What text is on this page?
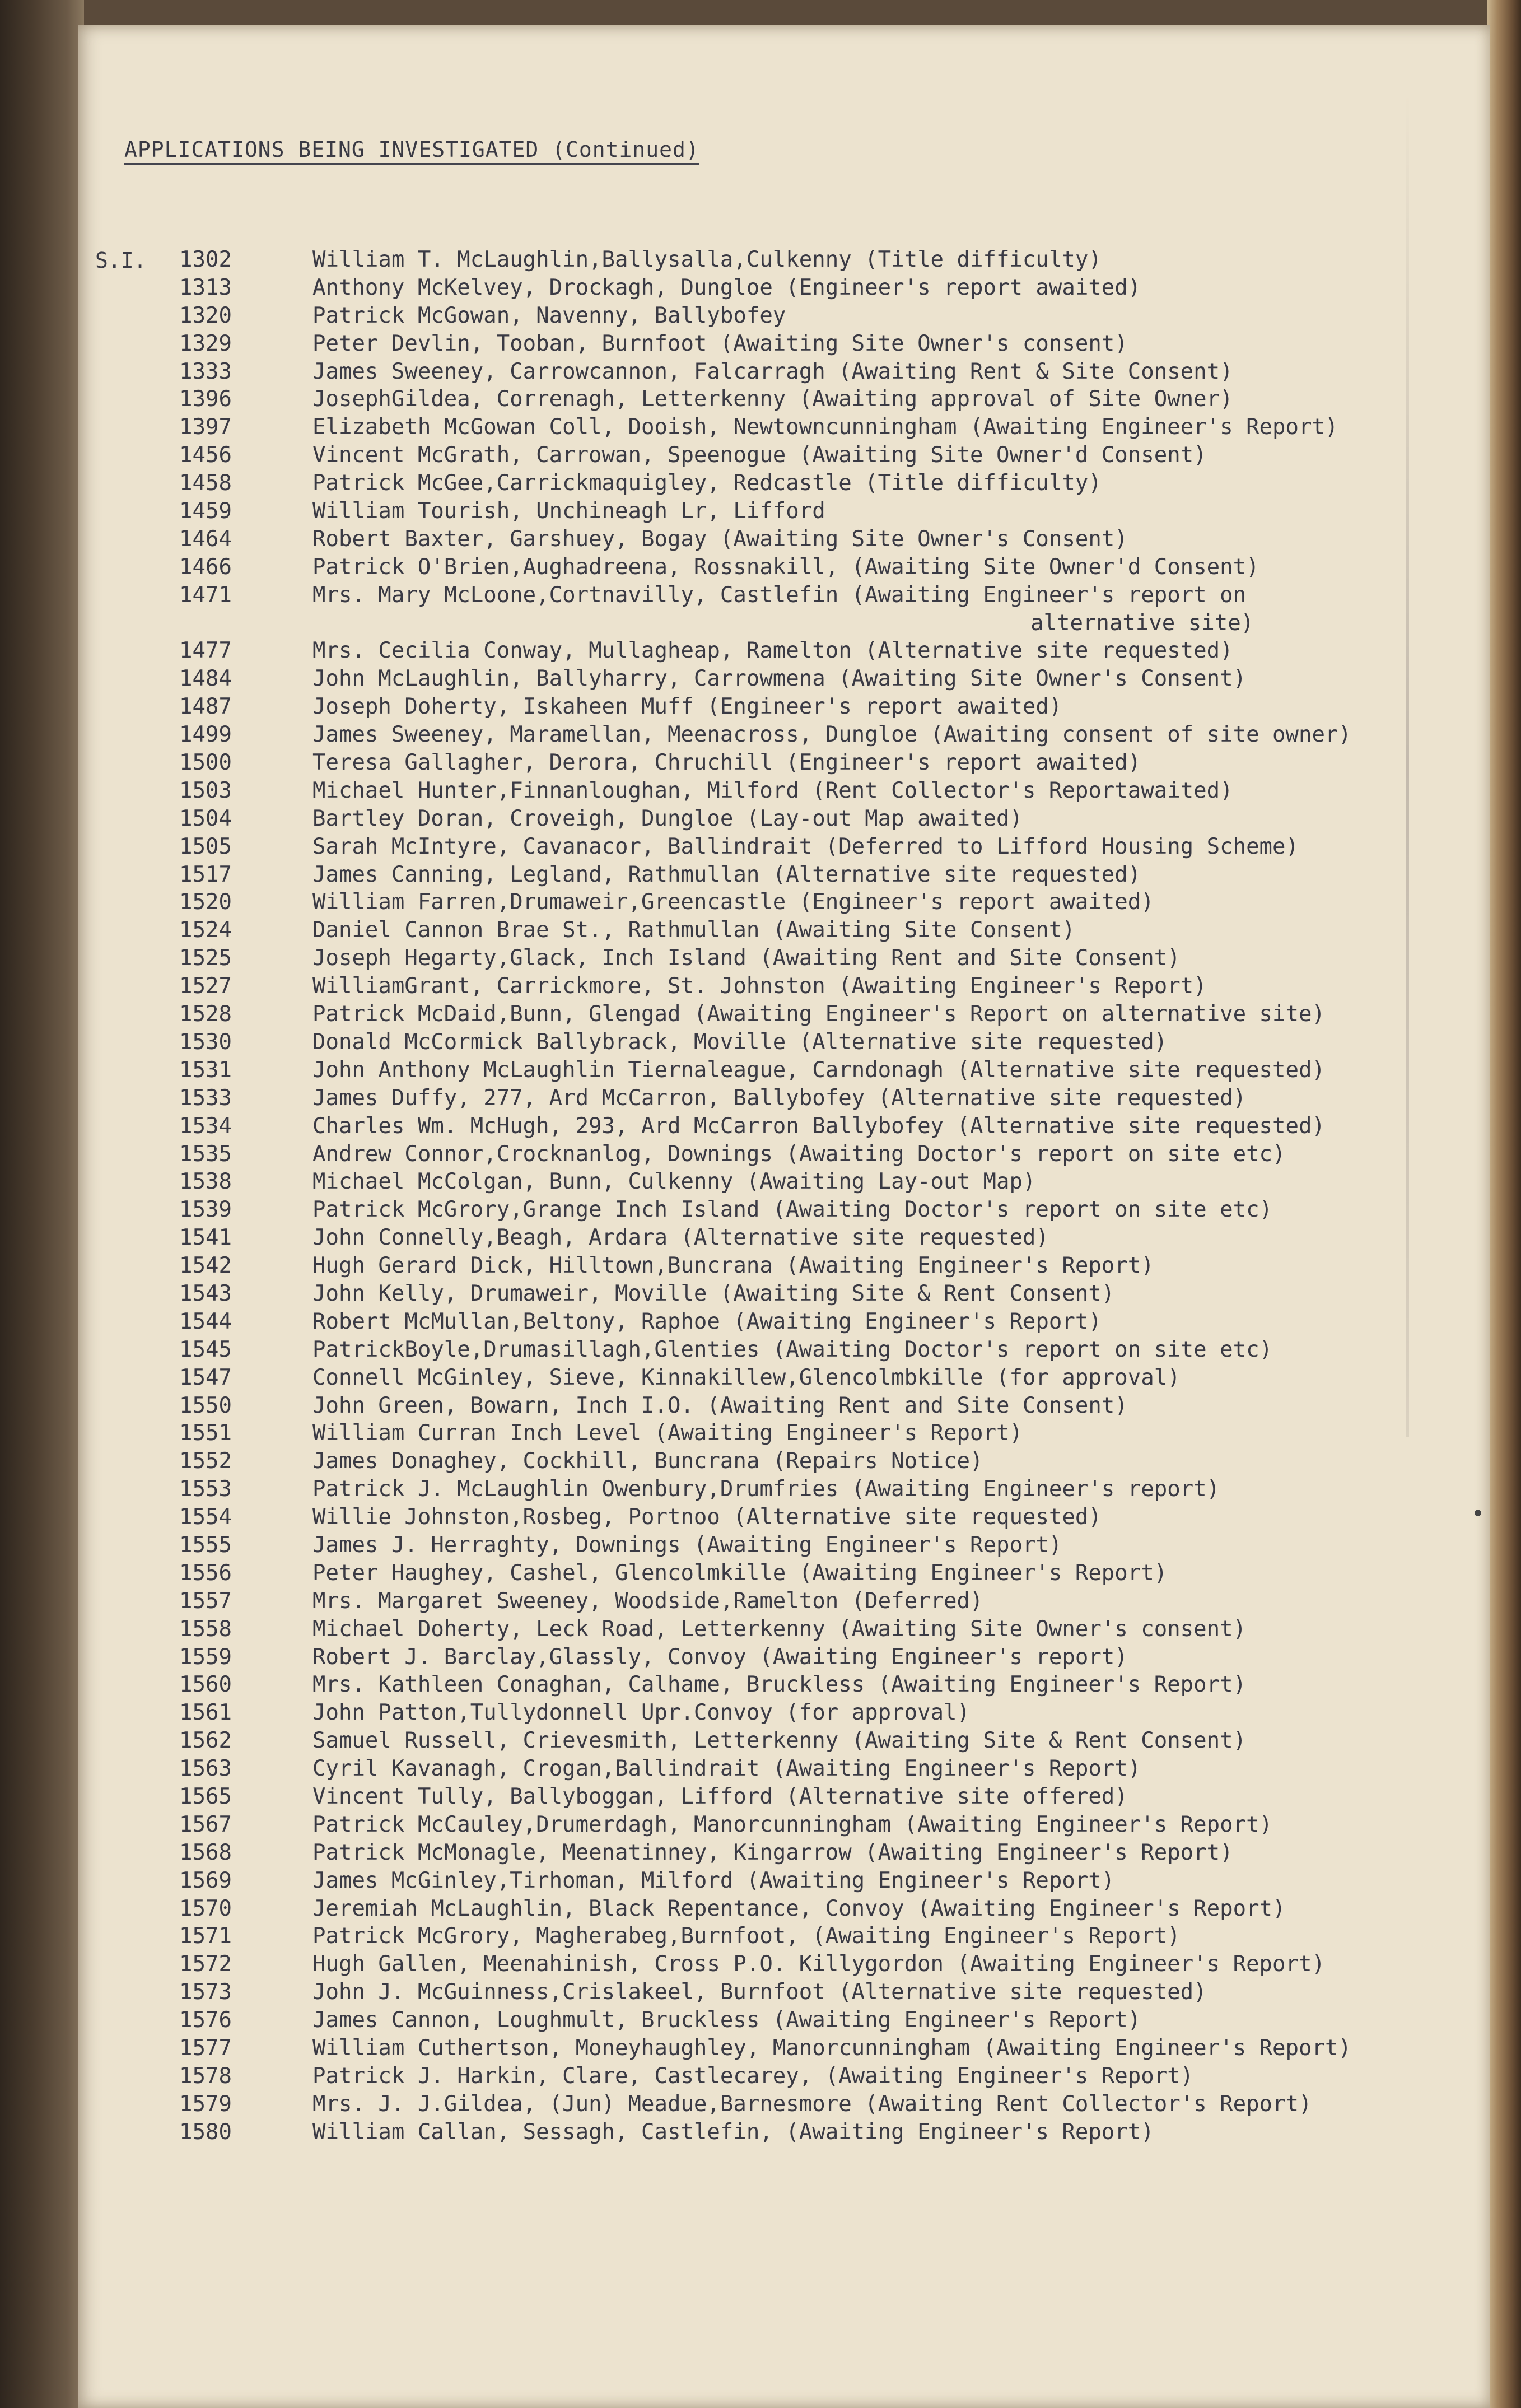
APPLICATIONS BEING INVESTIGATED (Continued)
S.I. 1302	William T. McLaughlin,Ballysalla,Culkenny (Title difficulty)
1313	Anthony McKelvey, Drockagh, Dungloe (Engineer's report awaited)
1320	Patrick McGowan, Navenny, Ballybofey
1329	Peter Devlin, Tooban, Burnfoot (Awaiting Site Owner's consent)
1333	James Sweeney, Carrowcannon, Falcarragh (Awaiting Rent & Site Consent)
1396	JosephGildea, Correnagh, Letterkenny (Awaiting approval of Site Owner)
1397	Elizabeth McGowan Coll, Dooish, Newtowncunningham (Awaiting Engineer's Report)
1456	Vincent McGrath, Carrowan, Speenogue (Awaiting Site Owner'd Consent)
1458	Patrick McGee,Carrickmaquigley, Redcastle (Title difficulty)
1459	William Tourish, Unchineagh Lr, Lifford
1464	Robert Baxter, Garshuey, Bogay (Awaiting Site Owner's Consent)
1466	Patrick O'Brien,Aughadreena, Rossnakill, (Awaiting Site Owner'd Consent)
1471	Mrs. Mary McLoone,Cortnavilly, Castlefin (Awaiting Engineer's report on
alternative site)
1477	Mrs. Cecilia Conway, Mullagheap, Ramelton (Alternative site requested)
1484	John McLaughlin, Ballyharry, Carrowmena (Awaiting Site Owner's Consent)
1487	Joseph Doherty, Iskaheen Muff (Engineer's report awaited)
1499	James Sweeney, Maramellan, Meenacross, Dungloe (Awaiting consent of site owner)
1500	Teresa Gallagher, Derora, Chruchill (Engineer's report awaited)
1503	Michael Hunter,Finnanloughan, Milford (Rent Collector's Reportawaited)
1504	Bartley Doran, Croveigh, Dungloe (Lay-out Map awaited)
1505	Sarah McIntyre, Cavanacor, Ballindrait (Deferred to Lifford Housing Scheme)
1517	James Canning, Legland, Rathmullan (Alternative site requested)
1520	William Farren,Drumaweir,Greencastle (Engineer's report awaited)
1524	Daniel Cannon Brae St., Rathmullan (Awaiting Site Consent)
1525	Joseph Hegarty,Glack, Inch Island (Awaiting Rent and Site Consent)
1527	WilliamGrant, Carrickmore, St. Johnston (Awaiting Engineer's Report)
1528	Patrick McDaid,Bunn, Glengad (Awaiting Engineer's Report on alternative site)
1530	Donald McCormick Ballybrack, Moville (Alternative site requested)
1531	John Anthony McLaughlin Tiernaleague, Carndonagh (Alternative site requested)
1533	James Duffy, 277, Ard McCarron, Ballybofey (Alternative site requested)
1534	Charles Wm. McHugh, 293, Ard McCarron Ballybofey (Alternative site requested)
1535	Andrew Connor,Crocknanlog, Downings (Awaiting Doctor's report on site etc)
1538	Michael McColgan, Bunn, Culkenny (Awaiting Lay-out Map)
1539	Patrick McGrory,Grange Inch Island (Awaiting Doctor's report on site etc)
1541	John Connelly,Beagh, Ardara (Alternative site requested)
1542	Hugh Gerard Dick, Hilltown,Buncrana (Awaiting Engineer's Report)
1543	John Kelly, Drumaweir, Moville (Awaiting Site & Rent Consent)
1544	Robert McMullan,Beltony, Raphoe (Awaiting Engineer's Report)
1545	PatrickBoyle,Drumasillagh,Glenties (Awaiting Doctor's report on site etc)
1547	Connell McGinley, Sieve, Kinnakillew,Glencolmbkille (for approval)
1550	John Green, Bowarn, Inch I.O. (Awaiting Rent and Site Consent)
1551	William Curran Inch Level (Awaiting Engineer's Report)
1552	James Donaghey, Cockhill, Buncrana (Repairs Notice)
1553	Patrick J. McLaughlin Owenbury,Drumfries (Awaiting Engineer's report)
1554	Willie Johnston,Rosbeg, Portnoo (Alternative site requested)
1555	James J. Herraghty, Downings (Awaiting Engineer's Report)
1556	Peter Haughey, Cashel, Glencolmkille (Awaiting Engineer's Report)
1557	Mrs. Margaret Sweeney, Woodside,Ramelton (Deferred)
1558	Michael Doherty, Leck Road, Letterkenny (Awaiting Site Owner's consent)
1559	Robert J. Barclay,Glassly, Convoy (Awaiting Engineer's report)
1560	Mrs. Kathleen Conaghan, Calhame, Bruckless (Awaiting Engineer's Report)
1561	John Patton,Tullydonnell Upr.Convoy (for approval)
1562	Samuel Russell, Crievesmith, Letterkenny (Awaiting Site & Rent Consent)
1563	Cyril Kavanagh, Crogan,Ballindrait (Awaiting Engineer's Report)
1565	Vincent Tully, Ballyboggan, Lifford (Alternative site offered)
1567	Patrick McCauley,Drumerdagh, Manorcunningham (Awaiting Engineer's Report)
1568	Patrick McMonagle, Meenatinney, Kingarrow (Awaiting Engineer's Report)
1569	James McGinley,Tirhoman, Milford (Awaiting Engineer's Report)
1570	Jeremiah McLaughlin, Black Repentance, Convoy (Awaiting Engineer's Report)
1571	Patrick McGrory, Magherabeg,Burnfoot, (Awaiting Engineer's Report)
1572	Hugh Gallen, Meenahinish, Cross P.O. Killygordon (Awaiting Engineer's Report)
1573	John J. McGuinness,Crislakeel, Burnfoot (Alternative site requested)
1576	James Cannon, Loughmult, Bruckless (Awaiting Engineer's Report)
1577	William Cuthertson, Moneyhaughley, Manorcunningham (Awaiting Engineer's Report)
1578	Patrick J. Harkin, Clare, Castlecarey, (Awaiting Engineer's Report)
1579	Mrs. J. J.Gildea, (Jun) Meadue,Barnesmore (Awaiting Rent Collector's Report)
1580	William Callan, Sessagh, Castlefin, (Awaiting Engineer's Report)
•
